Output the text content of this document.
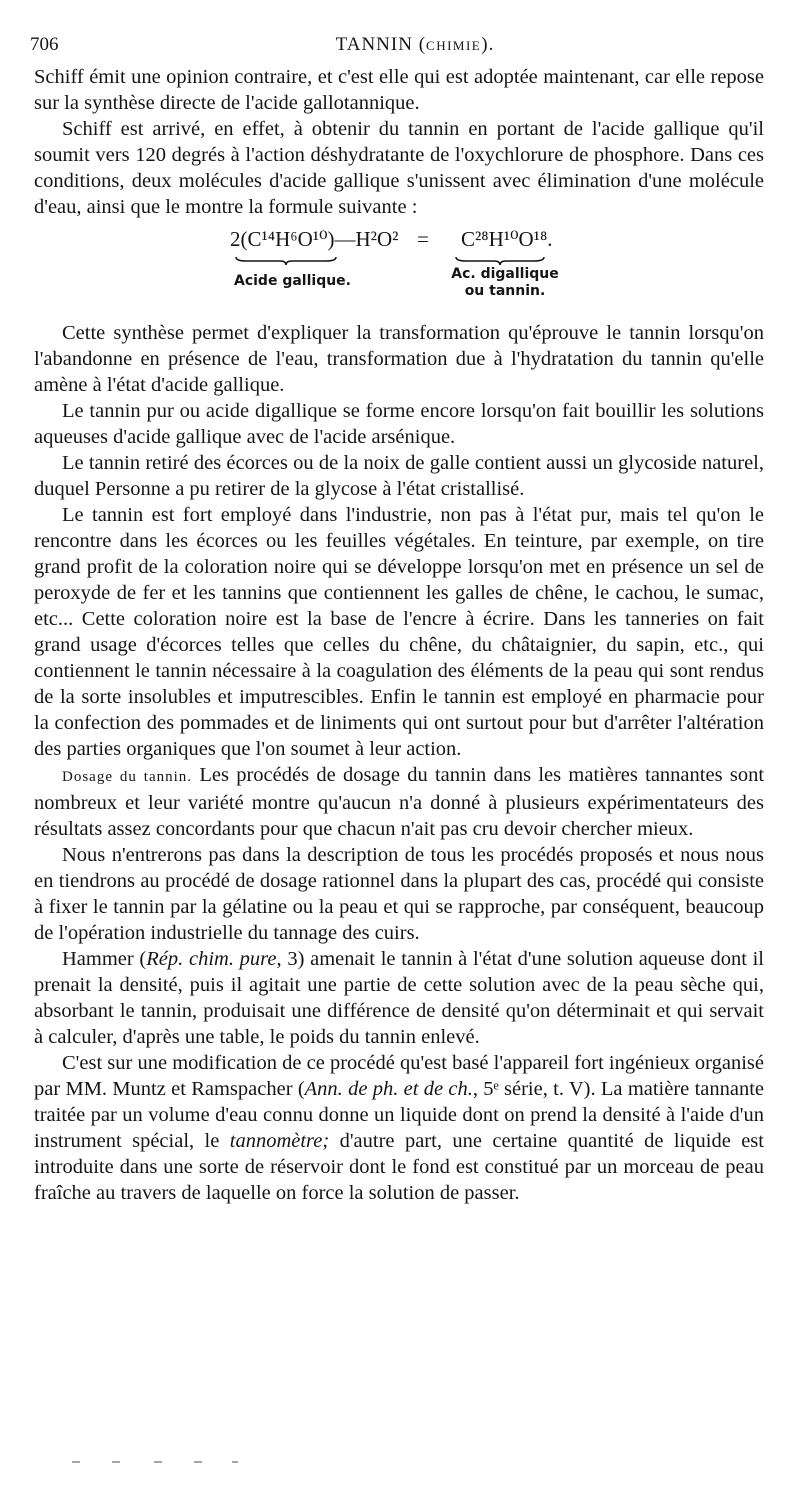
706	TANNIN (CHIMIE).

Schiff émit une opinion contraire, et c'est elle qui est adoptée maintenant, car elle repose sur la synthèse directe de l'acide gallotannique.

Schiff est arrivé, en effet, à obtenir du tannin en portant de l'acide gallique qu'il soumit vers 120 degrés à l'action déshydratante de l'oxychlorure de phosphore. Dans ces conditions, deux molécules d'acide gallique s'unissent avec élimination d'une molécule d'eau, ainsi que le montre la formule suivante :

2(C¹⁴H⁶O¹⁰)—H²O² = C²⁸H¹⁰O¹⁸.
Acide gallique.	Ac. digallique
ou tannin.

Cette synthèse permet d'expliquer la transformation qu'éprouve le tannin lorsqu'on l'abandonne en présence de l'eau, transformation due à l'hydratation du tannin qu'elle amène à l'état d'acide gallique.

Le tannin pur ou acide digallique se forme encore lorsqu'on fait bouillir les solutions aqueuses d'acide gallique avec de l'acide arsénique.

Le tannin retiré des écorces ou de la noix de galle contient aussi un glycoside naturel, duquel Personne a pu retirer de la glycose à l'état cristallisé.

Le tannin est fort employé dans l'industrie, non pas à l'état pur, mais tel qu'on le rencontre dans les écorces ou les feuilles végétales. En teinture, par exemple, on tire grand profit de la coloration noire qui se développe lorsqu'on met en présence un sel de peroxyde de fer et les tannins que contiennent les galles de chêne, le cachou, le sumac, etc... Cette coloration noire est la base de l'encre à écrire. Dans les tanneries on fait grand usage d'écorces telles que celles du chêne, du châtaignier, du sapin, etc., qui contiennent le tannin nécessaire à la coagulation des éléments de la peau qui sont rendus de la sorte insolubles et imputrescibles. Enfin le tannin est employé en pharmacie pour la confection des pommades et de liniments qui ont surtout pour but d'arrêter l'altération des parties organiques que l'on soumet à leur action.

Dosage du tannin. Les procédés de dosage du tannin dans les matières tannantes sont nombreux et leur variété montre qu'aucun n'a donné à plusieurs expérimentateurs des résultats assez concordants pour que chacun n'ait pas cru devoir chercher mieux.

Nous n'entrerons pas dans la description de tous les procédés proposés et nous nous en tiendrons au procédé de dosage rationnel dans la plupart des cas, procédé qui consiste à fixer le tannin par la gélatine ou la peau et qui se rapproche, par conséquent, beaucoup de l'opération industrielle du tannage des cuirs.

Hammer (Rép. chim. pure, 3) amenait le tannin à l'état d'une solution aqueuse dont il prenait la densité, puis il agitait une partie de cette solution avec de la peau sèche qui, absorbant le tannin, produisait une différence de densité qu'on déterminait et qui servait à calculer, d'après une table, le poids du tannin enlevé.

C'est sur une modification de ce procédé qu'est basé l'appareil fort ingénieux organisé par MM. Muntz et Ramspacher (Ann. de ph. et de ch., 5ᵉ série, t. V). La matière tannante traitée par un volume d'eau connu donne un liquide dont on prend la densité à l'aide d'un instrument spécial, le tannomètre; d'autre part, une certaine quantité de liquide est introduite dans une sorte de réservoir dont le fond est constitué par un morceau de peau fraîche au travers de laquelle on force la solution de passer.
